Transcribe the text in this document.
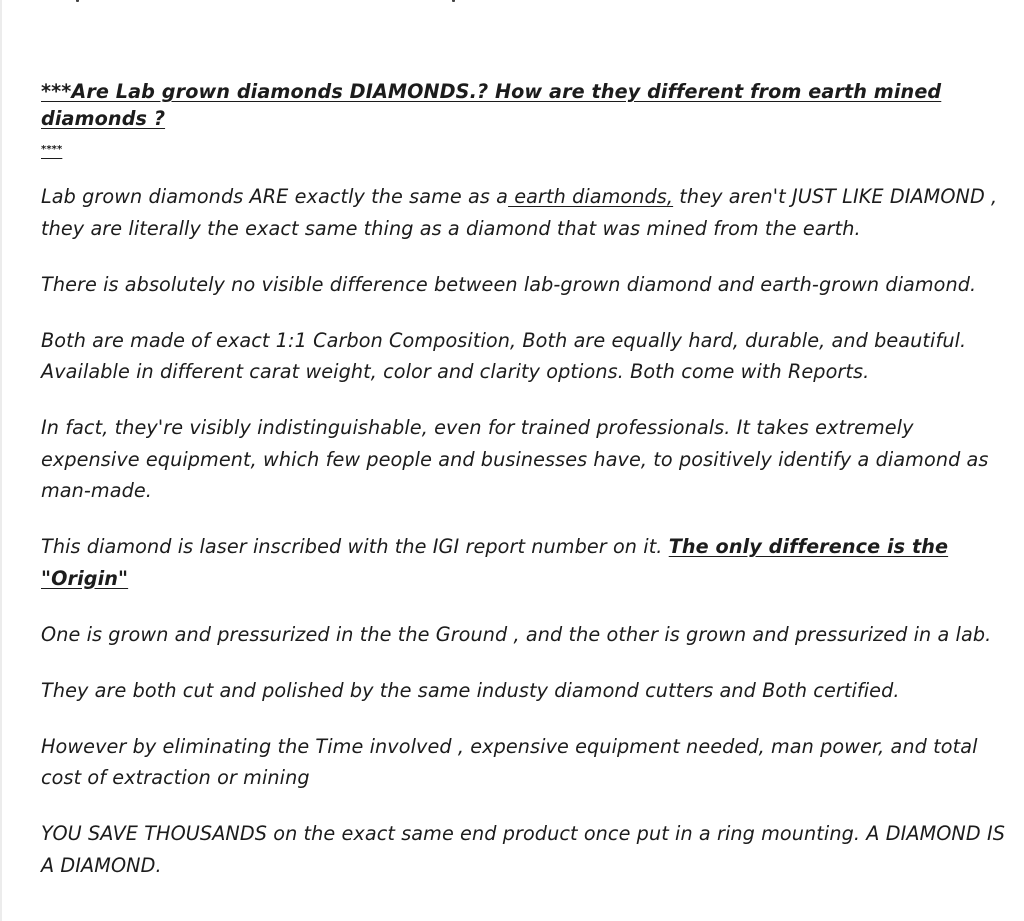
***Are Lab grown diamonds DIAMONDS.? How are they different from earth mined diamonds ?
****

Lab grown diamonds ARE exactly the same as a earth diamonds, they aren't JUST LIKE DIAMOND , they are literally the exact same thing as a diamond that was mined from the earth.

There is absolutely no visible difference between lab-grown diamond and earth-grown diamond.

Both are made of exact 1:1 Carbon Composition, Both are equally hard, durable, and beautiful. Available in different carat weight, color and clarity options. Both come with Reports.

In fact, they're visibly indistinguishable, even for trained professionals. It takes extremely expensive equipment, which few people and businesses have, to positively identify a diamond as man-made.

This diamond is laser inscribed with the IGI report number on it. The only difference is the "Origin"

One is grown and pressurized in the the Ground , and the other is grown and pressurized in a lab.

They are both cut and polished by the same industy diamond cutters and Both certified.

However by eliminating the Time involved , expensive equipment needed, man power, and total cost of extraction or mining

YOU SAVE THOUSANDS on the exact same end product once put in a ring mounting. A DIAMOND IS A DIAMOND.
